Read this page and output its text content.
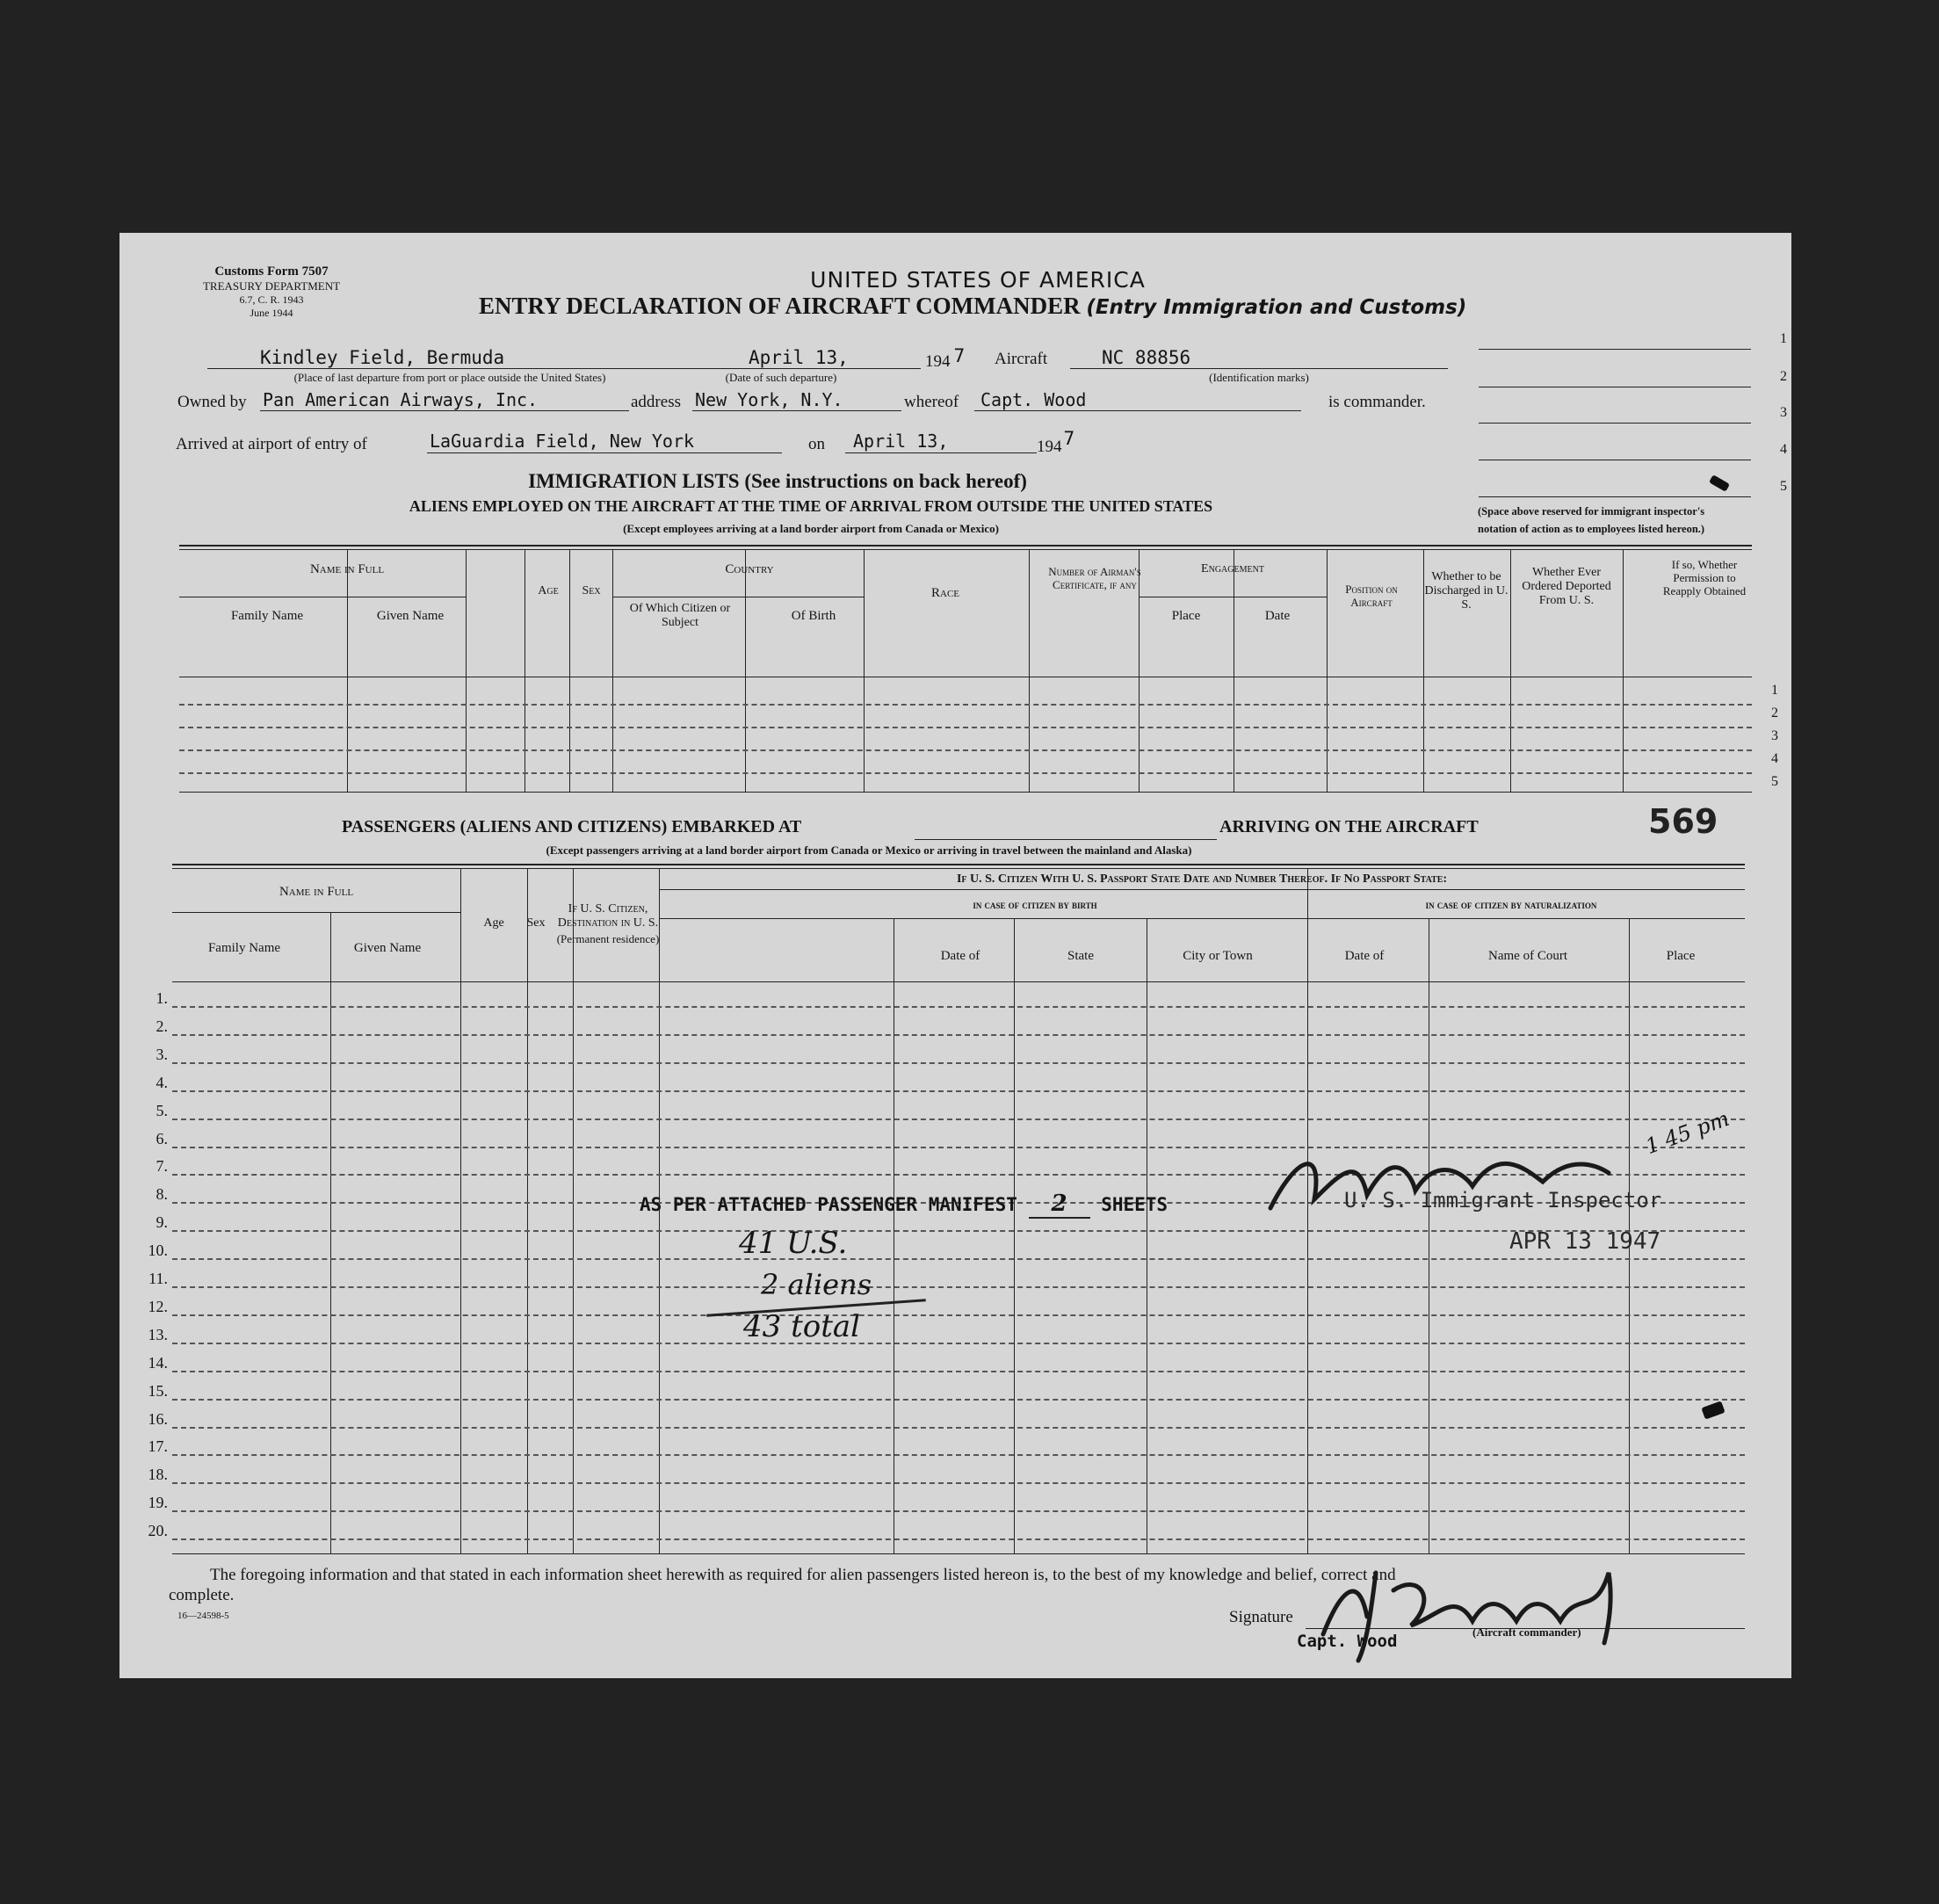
Customs Form 7507
TREASURY DEPARTMENT
6.7, C. R. 1943
June 1944
UNITED STATES OF AMERICA
ENTRY DECLARATION OF AIRCRAFT COMMANDER (Entry Immigration and Customs)
Kindley Field, Bermuda
(Place of last departure from port or place outside the United States)
April 13,
(Date of such departure)
194 7 Aircraft	NC 88856
(Identification marks)
Owned by Pan American Airways, Inc.	address New York, N.Y.	whereof Capt. Wood	is commander.
Arrived at airport of entry of	LaGuardia Field, New York	on April 13,	1947
1
2
3
4
5
(Space above reserved for immigrant inspector's
notation of action as to employees listed hereon.)
IMMIGRATION LISTS (See instructions on back hereof)
ALIENS EMPLOYED ON THE AIRCRAFT AT THE TIME OF ARRIVAL FROM OUTSIDE THE UNITED STATES
(Except employees arriving at a land border airport from Canada or Mexico)
1
2
3
4
5
Name in Full
Family Name	Given Name
Age Sex
Country
Of Which Citizen or Subject	Of Birth
Race
Number of Airman's Certificate, if any
Engagement
Place	Date
Position on Aircraft
Whether to be Discharged in U. S.
Whether Ever Ordered Deported From U. S.
If so, Whether Permission to Reapply Obtained
PASSENGERS (ALIENS AND CITIZENS) EMBARKED AT	ARRIVING ON THE AIRCRAFT
(Except passengers arriving at a land border airport from Canada or Mexico or arriving in travel between the mainland and Alaska)
569
1.
2.
3.
4.
5.
6.
7.
8.
9.
10.
11.
12.
13.
14.
15.
16.
17.
18.
19.
20.
Name in Full
Family Name	Given Name
Age Sex
If U. S. Citizen, Destination in U. S.
(Permanent residence)
If U. S. Citizen With U. S. Passport State Date and Number Thereof. If No Passport State:
in case of citizen by birth	in case of citizen by naturalization
Date of	State	City or Town	Date of	Name of Court	Place
AS PER ATTACHED PASSENGER MANIFEST 2 SHEETS
41 U.S.
2 aliens
43 total
1 45 pm
U. S. Immigrant Inspector
APR 13 1947
The foregoing information and that stated in each information sheet herewith as required for alien passengers listed hereon is, to the best of my knowledge and belief, correct and
complete.
16—24598-5	Signature
Capt. Wood	(Aircraft commander)
